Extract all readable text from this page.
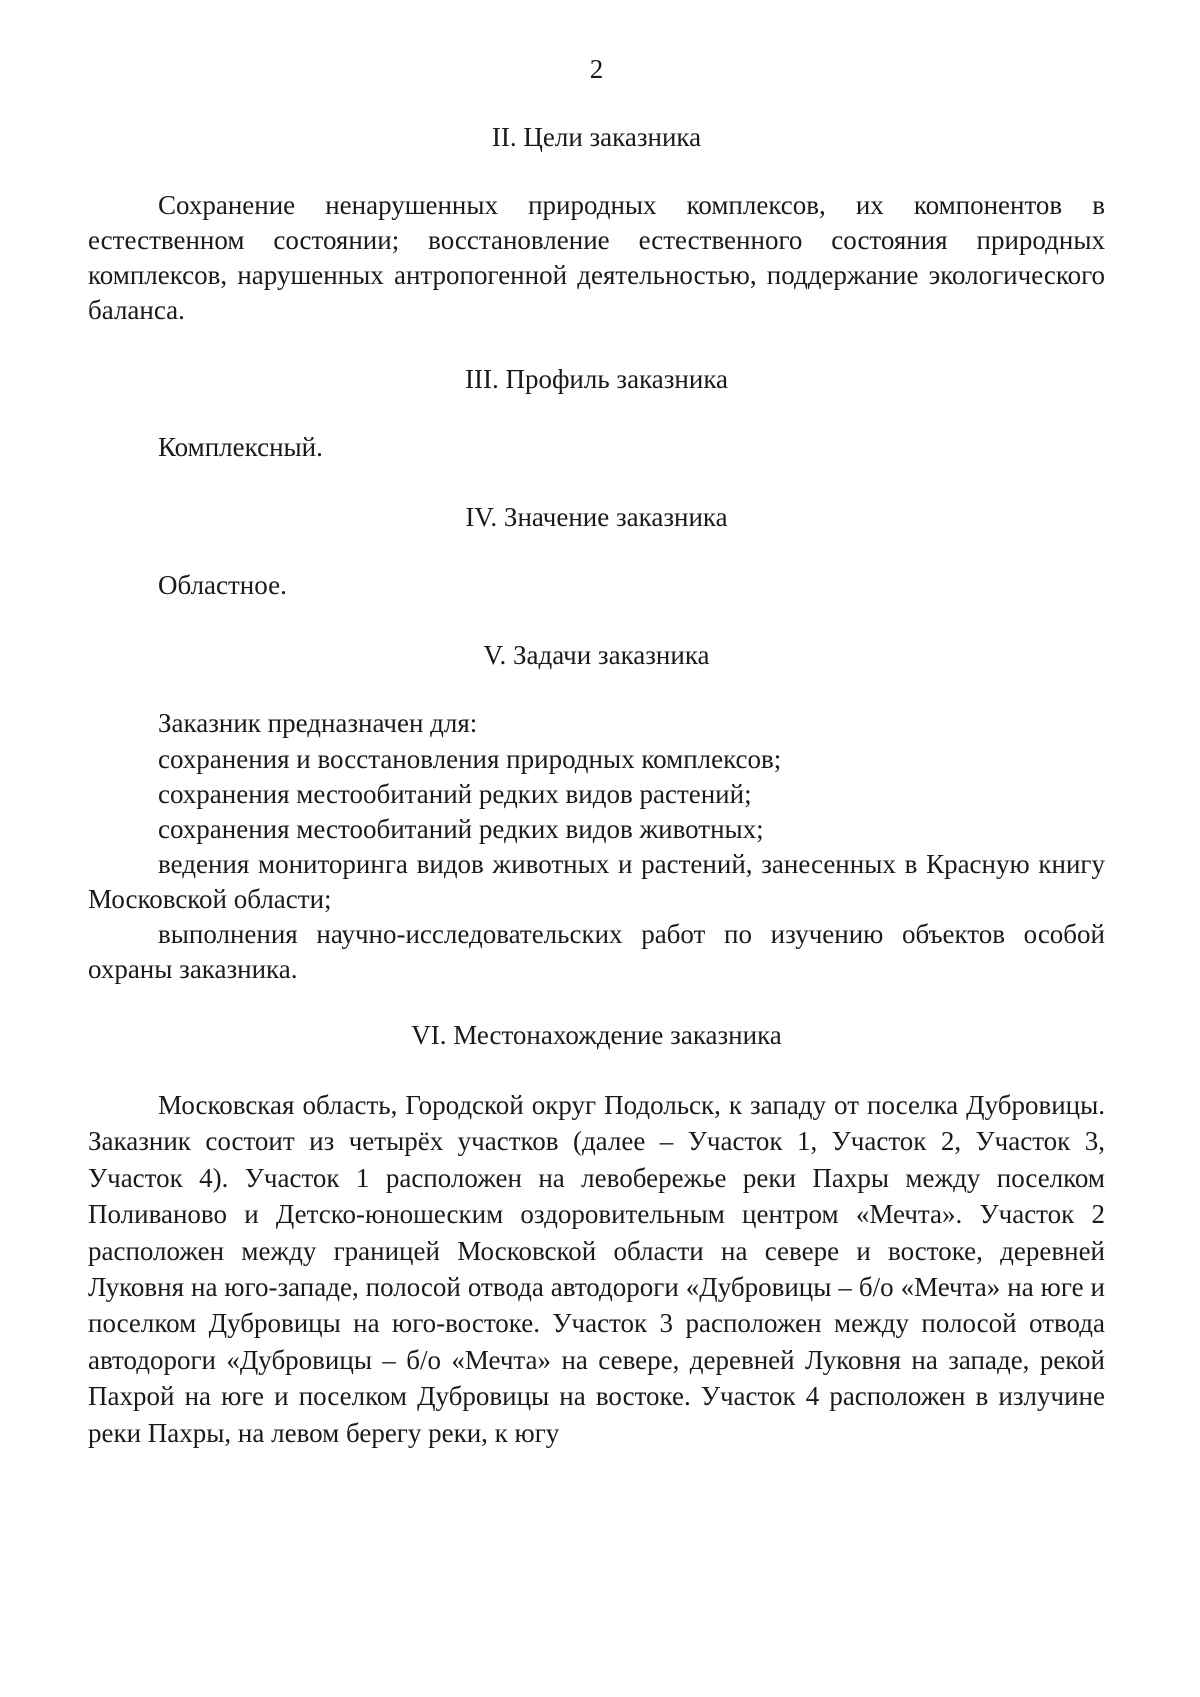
2
II. Цели заказника

Сохранение ненарушенных природных комплексов, их компонентов в естественном состоянии; восстановление естественного состояния природных комплексов, нарушенных антропогенной деятельностью, поддержание экологического баланса.

III. Профиль заказника
Комплексный.
IV. Значение заказника
Областное.
V. Задачи заказника
Заказник предназначен для:
сохранения и восстановления природных комплексов;
сохранения местообитаний редких видов растений;
сохранения местообитаний редких видов животных;

ведения мониторинга видов животных и растений, занесенных в Красную книгу Московской области;

выполнения научно-исследовательских работ по изучению объектов особой охраны заказника.

VI. Местонахождение заказника

Московская область, Городской округ Подольск, к западу от поселка Дубровицы. Заказник состоит из четырёх участков (далее – Участок 1, Участок 2, Участок 3, Участок 4). Участок 1 расположен на левобережье реки Пахры между поселком Поливаново и Детско-юношеским оздоровительным центром «Мечта». Участок 2 расположен между границей Московской области на севере и востоке, деревней Луковня на юго-западе, полосой отвода автодороги «Дубровицы – б/о «Мечта» на юге и поселком Дубровицы на юго-востоке. Участок 3 расположен между полосой отвода автодороги «Дубровицы – б/о «Мечта» на севере, деревней Луковня на западе, рекой Пахрой на юге и поселком Дубровицы на востоке. Участок 4 расположен в излучине реки Пахры, на левом берегу реки, к югу
